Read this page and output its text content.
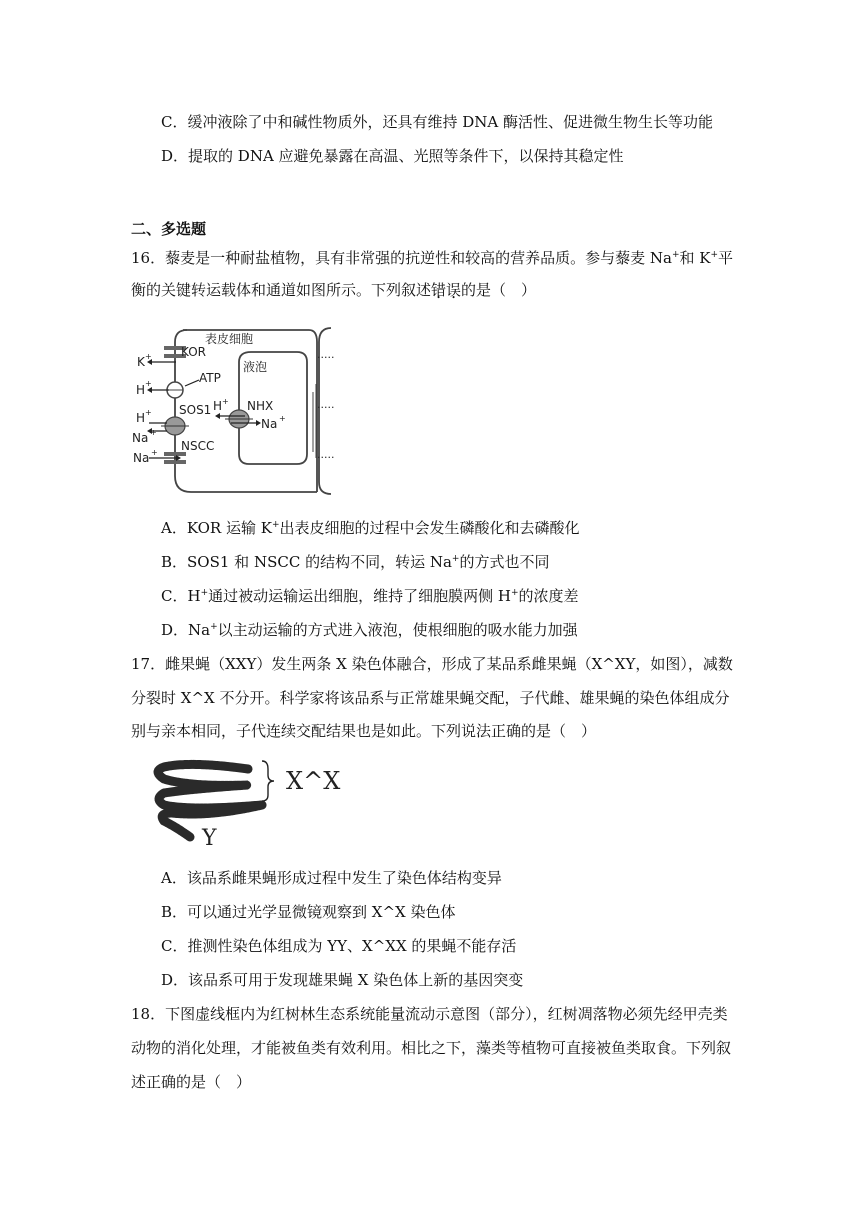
C．缓冲液除了中和碱性物质外，还具有维持 DNA 酶活性、促进微生物生长等功能
D．提取的 DNA 应避免暴露在高温、光照等条件下，以保持其稳定性
二、多选题
16．藜麦是一种耐盐植物，具有非常强的抗逆性和较高的营养品质。参与藜麦 Na+和 K+平
衡的关键转运载体和通道如图所示。下列叙述错误的是（　）
表皮细胞
液泡
KOR
K +
H +	ATP
SOS1
H +
Na +
NSCC
Na +
NHX
H +
Na +
.....
.....
.....
A．KOR 运输 K+出表皮细胞的过程中会发生磷酸化和去磷酸化
B．SOS1 和 NSCC 的结构不同，转运 Na+的方式也不同
C．H+通过被动运输运出细胞，维持了细胞膜两侧 H+的浓度差
D．Na+以主动运输的方式进入液泡，使根细胞的吸水能力加强
17．雌果蝇（XXY）发生两条 X 染色体融合，形成了某品系雌果蝇（X^XY，如图），减数
分裂时 X^X 不分开。科学家将该品系与正常雄果蝇交配，子代雌、雄果蝇的染色体组成分
别与亲本相同，子代连续交配结果也是如此。下列说法正确的是（　）
X^X
Y
A．该品系雌果蝇形成过程中发生了染色体结构变异
B．可以通过光学显微镜观察到 X^X 染色体
C．推测性染色体组成为 YY、X^XX 的果蝇不能存活
D．该品系可用于发现雄果蝇 X 染色体上新的基因突变
18．下图虚线框内为红树林生态系统能量流动示意图（部分），红树凋落物必须先经甲壳类
动物的消化处理，才能被鱼类有效利用。相比之下，藻类等植物可直接被鱼类取食。下列叙
述正确的是（　）
